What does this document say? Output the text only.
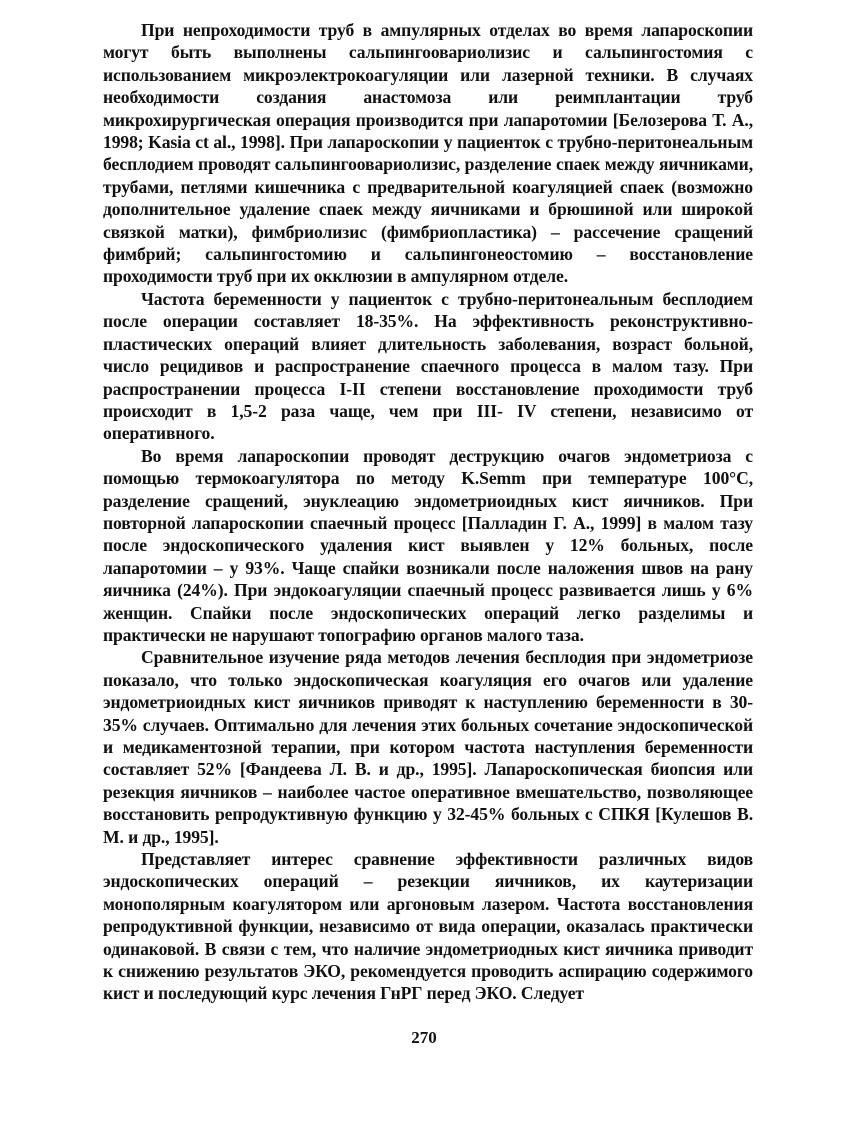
При непроходимости труб в ампулярных отделах во время лапароскопии могут быть выполнены сальпингоовариолизис и сальпингостомия с использованием микроэлектрокоагуляции или лазерной техники. В случаях необходимости создания анастомоза или реимплантации труб микрохирургическая операция производится при лапаротомии [Белозерова Т. А., 1998; Kasia ct al., 1998]. При лапароскопии у пациенток с трубно-перитонеальным бесплодием проводят сальпингоовариолизис, разделение спаек между яичниками, трубами, петлями кишечника с предварительной коагуляцией спаек (возможно дополнительное удаление спаек между яичниками и брюшиной или широкой связкой матки), фимбриолизис (фимбриопластика) – рассечение сращений фимбрий; сальпингостомию и сальпингонеостомию – восстановление проходимости труб при их окклюзии в ампулярном отделе.

Частота беременности у пациенток с трубно-перитонеальным бесплодием после операции составляет 18-35%. На эффективность реконструктивно-пластических операций влияет длительность заболевания, возраст больной, число рецидивов и распространение спаечного процесса в малом тазу. При распространении процесса I-II степени восстановление проходимости труб происходит в 1,5-2 раза чаще, чем при III- IV степени, независимо от оперативного.

Во время лапароскопии проводят деструкцию очагов эндометриоза с помощью термокоагулятора по методу K.Semm при температуре 100°С, разделение сращений, энуклеацию эндометриоидных кист яичников. При повторной лапароскопии спаечный процесс [Палладин Г. А., 1999] в малом тазу после эндоскопического удаления кист выявлен у 12% больных, после лапаротомии – у 93%. Чаще спайки возникали после наложения швов на рану яичника (24%). При эндокоагуляции спаечный процесс развивается лишь у 6% женщин. Спайки после эндоскопических операций легко разделимы и практически не нарушают топографию органов малого таза.

Сравнительное изучение ряда методов лечения бесплодия при эндометриозе показало, что только эндоскопическая коагуляция его очагов или удаление эндометриоидных кист яичников приводят к наступлению беременности в 30-35% случаев. Оптимально для лечения этих больных сочетание эндоскопической и медикаментозной терапии, при котором частота наступления беременности составляет 52% [Фандеева Л. В. и др., 1995]. Лапароскопическая биопсия или резекция яичников – наиболее частое оперативное вмешательство, позволяющее восстановить репродуктивную функцию у 32-45% больных с СПКЯ [Кулешов В. М. и др., 1995].

Представляет интерес сравнение эффективности различных видов эндоскопических операций – резекции яичников, их каутеризации монополярным коагулятором или аргоновым лазером. Частота восстановления репродуктивной функции, независимо от вида операции, оказалась практически одинаковой. В связи с тем, что наличие эндометриодных кист яичника приводит к снижению результатов ЭКО, рекомендуется проводить аспирацию содержимого кист и последующий курс лечения ГнРГ перед ЭКО. Следует

270
